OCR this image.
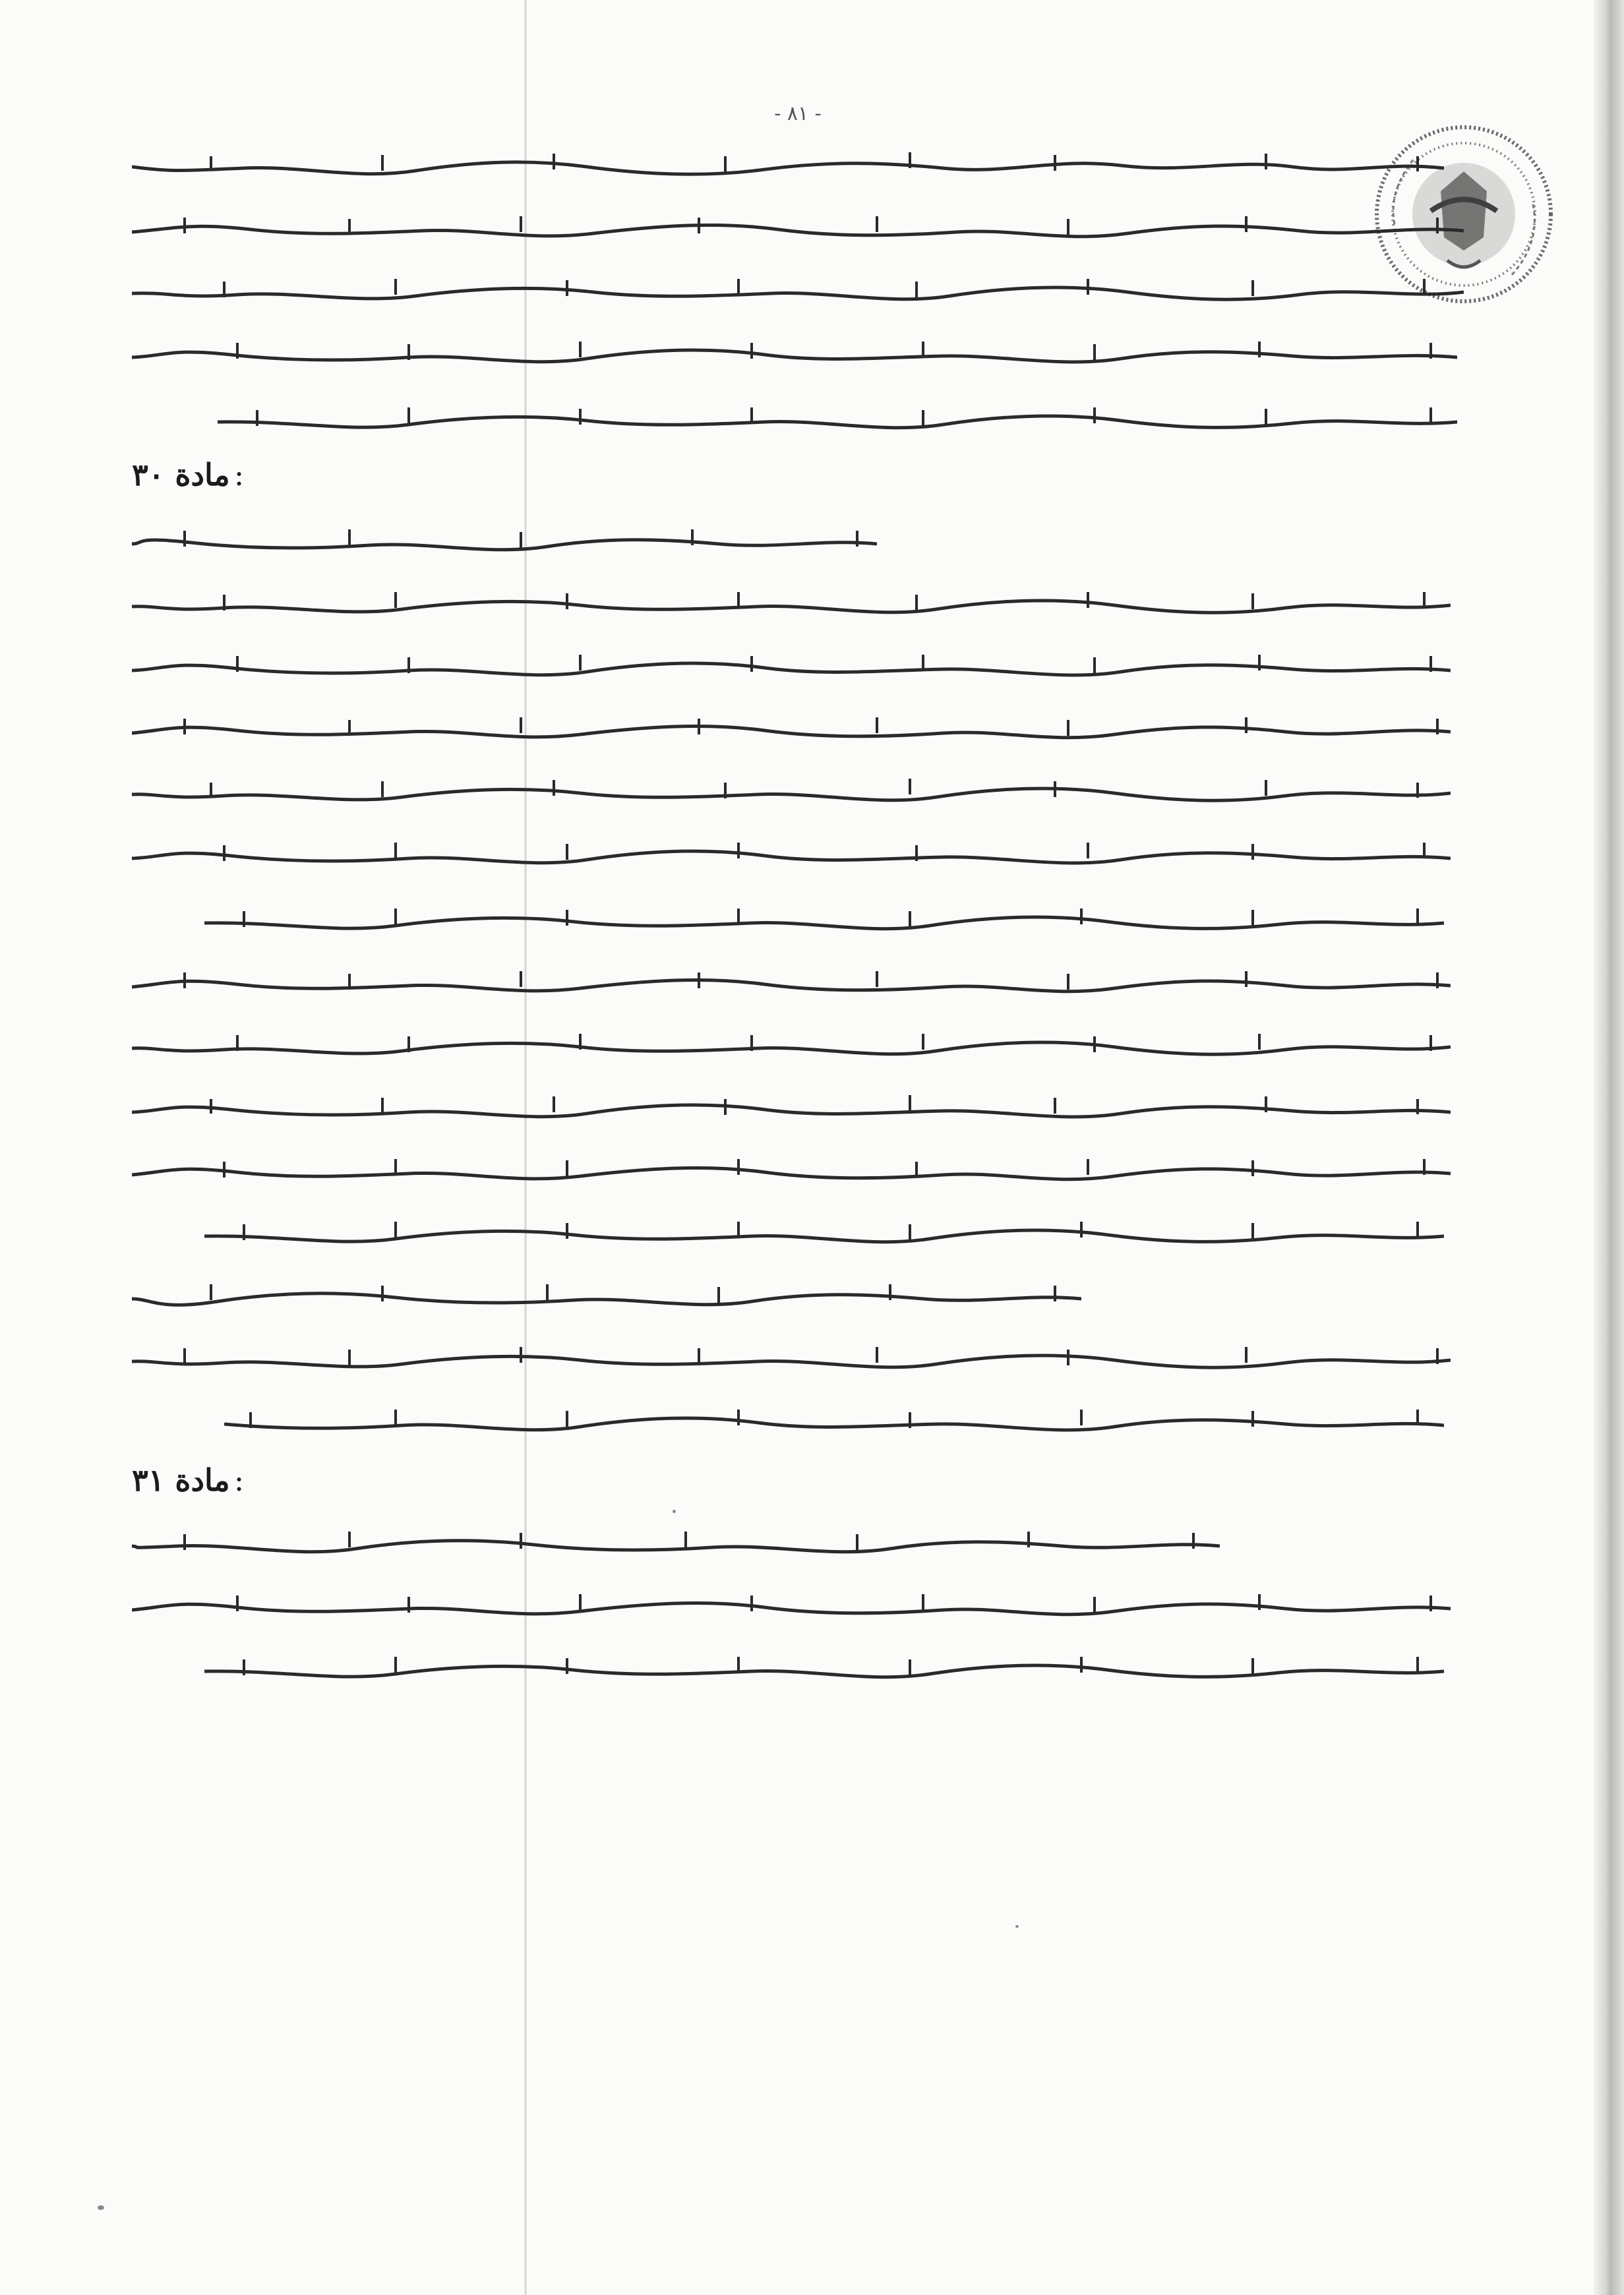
- ٨١ -
مادة ٣٠ :
مادة ٣١ :
